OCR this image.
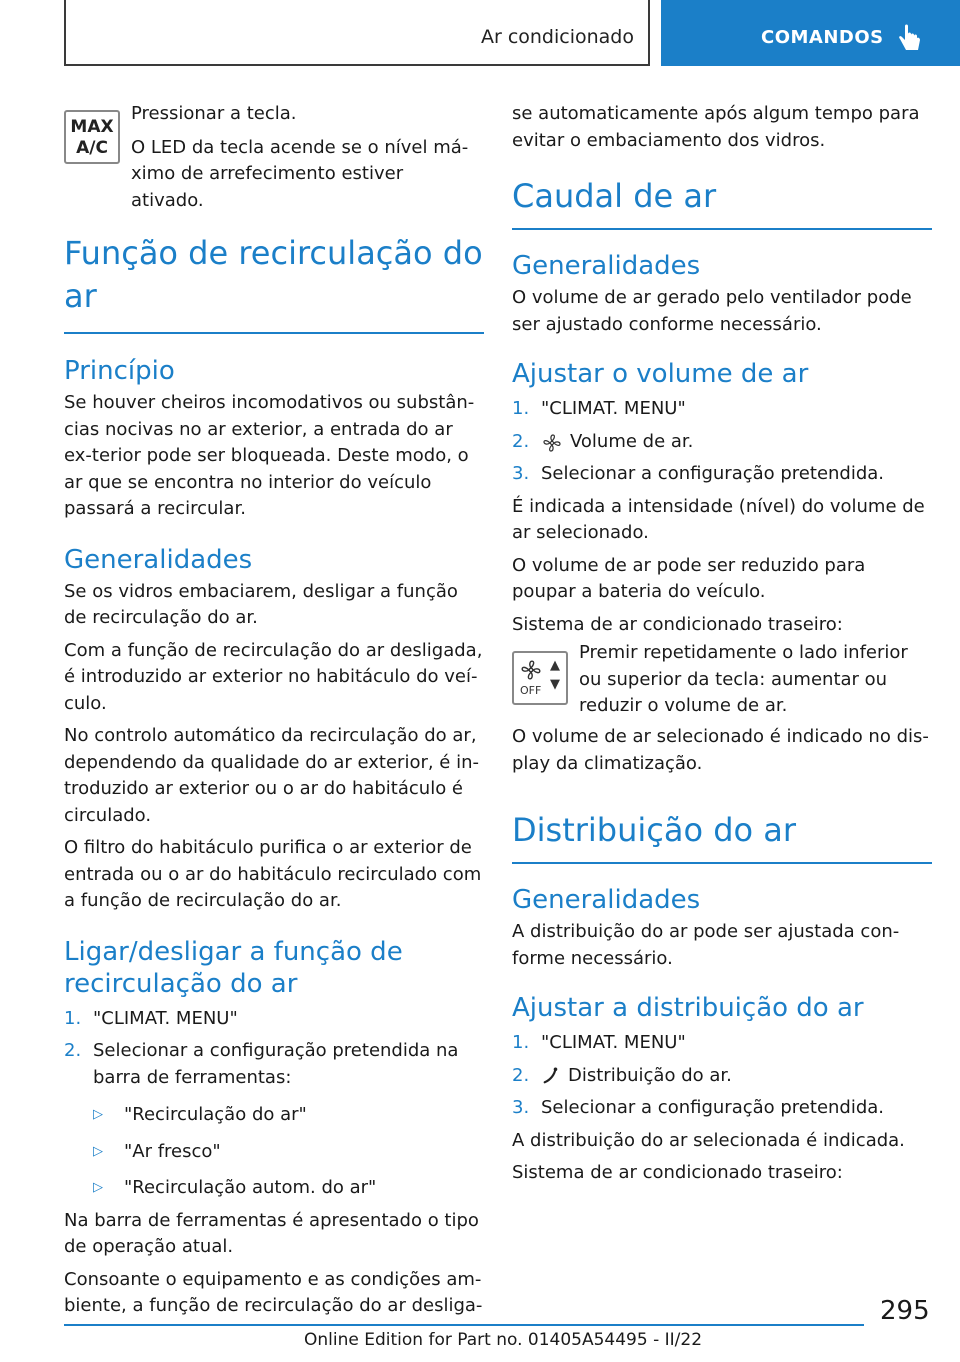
Ar condicionado	COMANDOS
MAX
A/C

Pressionar a tecla.

O LED da tecla acende se o nível má-ximo de arrefecimento estiver ativado.

Função de recirculação do ar
Princípio

Se houver cheiros incomodativos ou substân-cias nocivas no ar exterior, a entrada do ar ex-terior pode ser bloqueada. Deste modo, o ar que se encontra no interior do veículo passará a recircular.

Generalidades

Se os vidros embaciarem, desligar a função de recirculação do ar.

Com a função de recirculação do ar desligada, é introduzido ar exterior no habitáculo do veí-culo.

No controlo automático da recirculação do ar, dependendo da qualidade do ar exterior, é in-troduzido ar exterior ou o ar do habitáculo é circulado.

O filtro do habitáculo purifica o ar exterior de entrada ou o ar do habitáculo recirculado com a função de recirculação do ar.

Ligar/desligar a função de recirculação do ar
1. "CLIMAT. MENU"
2. Selecionar a configuração pretendida na barra de ferramentas:
▷ "Recirculação do ar"
▷ "Ar fresco"
▷ "Recirculação autom. do ar"

Na barra de ferramentas é apresentado o tipo de operação atual.

Consoante o equipamento e as condições am-biente, a função de recirculação do ar desliga-

se automaticamente após algum tempo para evitar o embaciamento dos vidros.

Caudal de ar
Generalidades

O volume de ar gerado pelo ventilador pode ser ajustado conforme necessário.

Ajustar o volume de ar
1. "CLIMAT. MENU"
2. Volume de ar.
3. Selecionar a configuração pretendida.

É indicada a intensidade (nível) do volume de ar selecionado.

O volume de ar pode ser reduzido para poupar a bateria do veículo.

Sistema de ar condicionado traseiro:

▲
▼
OFF

Premir repetidamente o lado inferior ou superior da tecla: aumentar ou reduzir o volume de ar.

O volume de ar selecionado é indicado no dis-play da climatização.

Distribuição do ar
Generalidades

A distribuição do ar pode ser ajustada con-forme necessário.

Ajustar a distribuição do ar
1. "CLIMAT. MENU"
2. Distribuição do ar.
3. Selecionar a configuração pretendida.

A distribuição do ar selecionada é indicada.

Sistema de ar condicionado traseiro:

295
Online Edition for Part no. 01405A54495 - II/22
